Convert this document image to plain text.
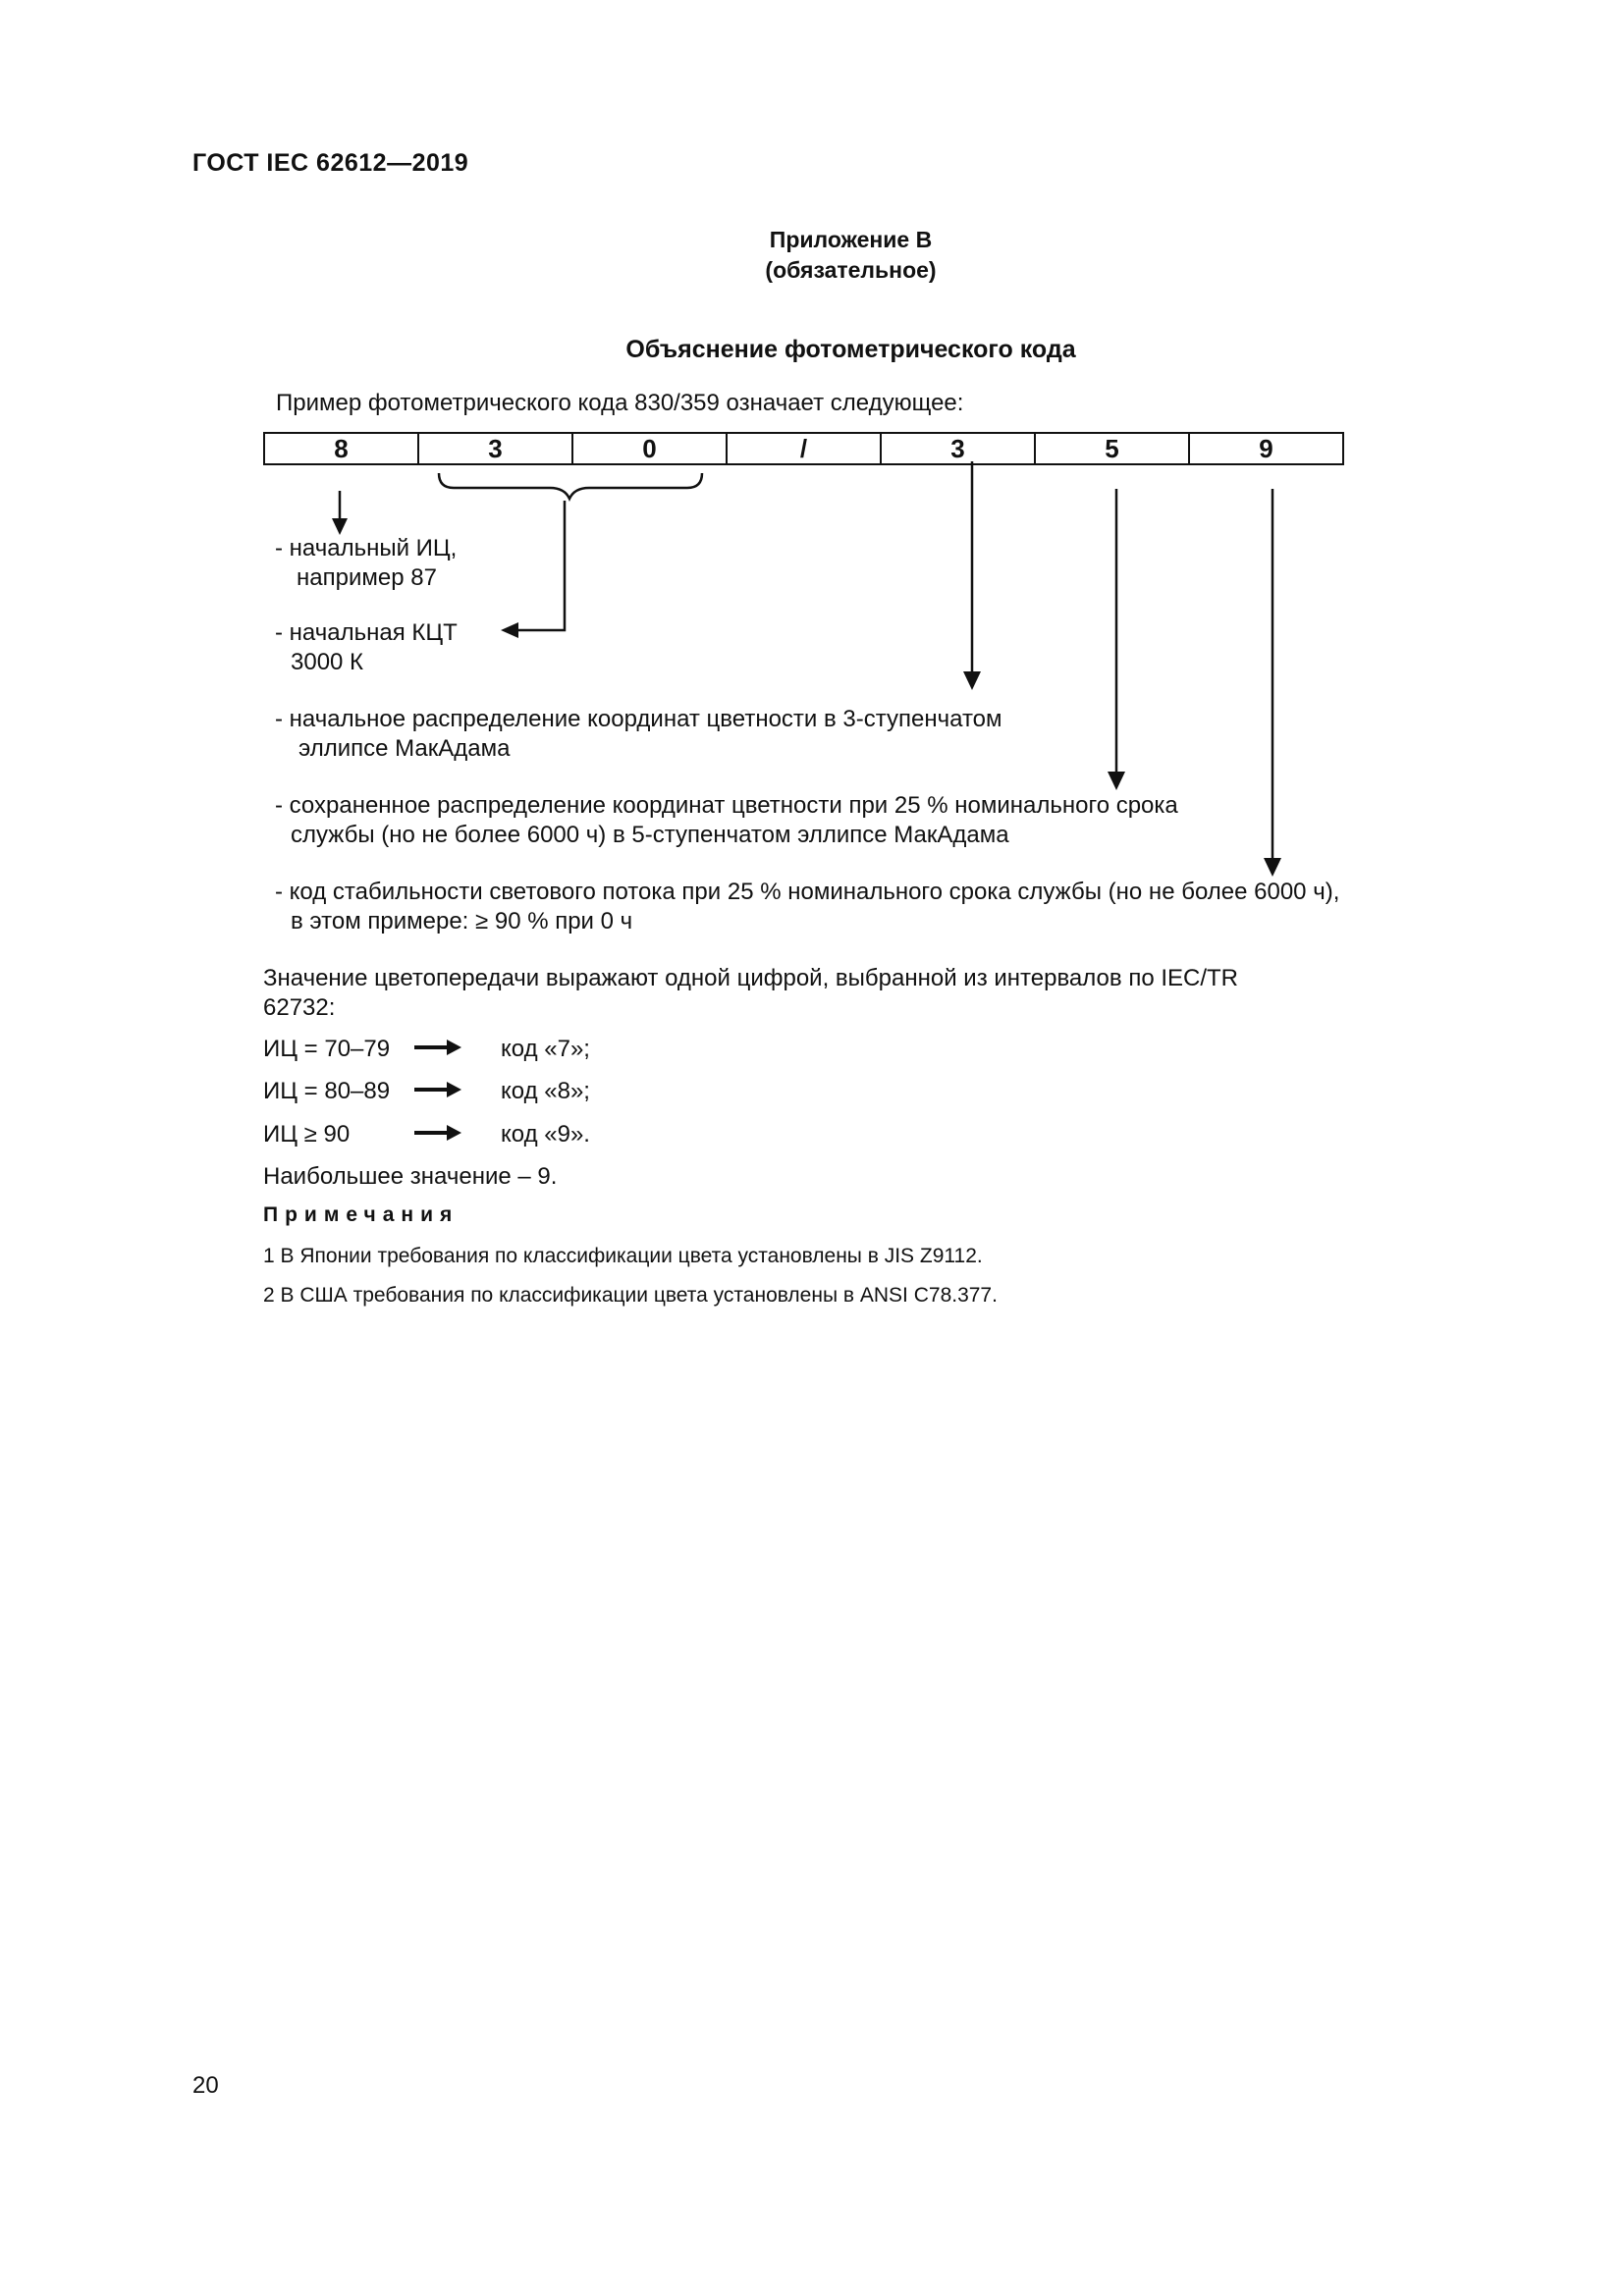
ГОСТ IEC 62612—2019
Приложение В
(обязательное)
Объяснение фотометрического кода
Пример фотометрического кода 830/359 означает следующее:
8	3	0	/	3	5	9
- начальный ИЦ,
например 87
- начальная КЦТ
3000 К
- начальное распределение координат цветности в 3-ступенчатом
эллипсе МакАдама
- сохраненное распределение координат цветности при 25 % номинального срока
службы (но не более 6000 ч) в 5-ступенчатом эллипсе МакАдама
- код стабильности светового потока при 25 % номинального срока службы (но не более 6000 ч),
в этом примере: ≥ 90 % при 0 ч
Значение цветопередачи выражают одной цифрой, выбранной из интервалов по IEC/TR
62732:
ИЦ = 70–79	код «7»;
ИЦ = 80–89	код «8»;
ИЦ ≥ 90	код «9».
Наибольшее значение – 9.
Примечания
1 В Японии требования по классификации цвета установлены в JIS Z9112.
2 В США требования по классификации цвета установлены в ANSI C78.377.
20
